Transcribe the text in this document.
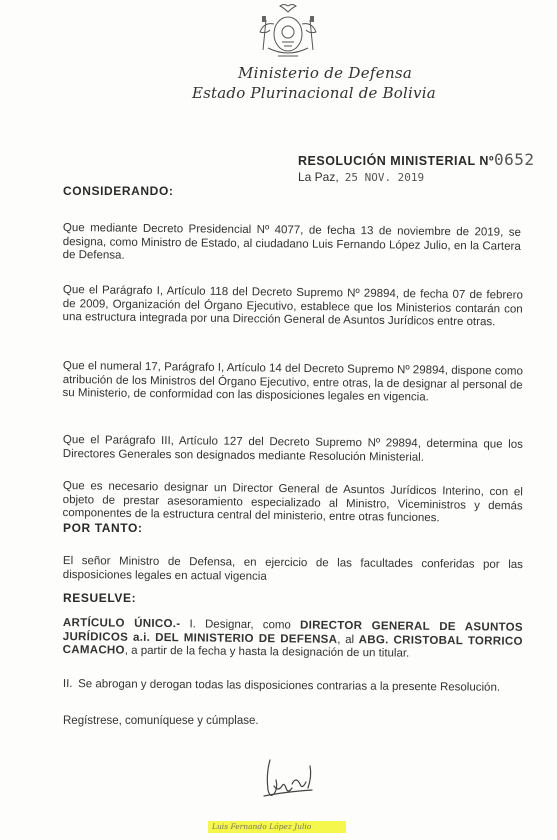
Ministerio de Defensa
Estado Plurinacional de Bolivia
RESOLUCIÓN MINISTERIAL Nº0652
La Paz, 25 NOV. 2019
CONSIDERANDO:

Que mediante Decreto Presidencial Nº 4077, de fecha 13 de noviembre de 2019, se designa, como Ministro de Estado, al ciudadano Luis Fernando López Julio, en la Cartera de Defensa.

Que el Parágrafo I, Artículo 118 del Decreto Supremo Nº 29894, de fecha 07 de febrero de 2009, Organización del Órgano Ejecutivo, establece que los Ministerios contarán con una estructura integrada por una Dirección General de Asuntos Jurídicos entre otras.

Que el numeral 17, Parágrafo I, Artículo 14 del Decreto Supremo Nº 29894, dispone como atribución de los Ministros del Órgano Ejecutivo, entre otras, la de designar al personal de su Ministerio, de conformidad con las disposiciones legales en vigencia.

Que el Parágrafo III, Artículo 127 del Decreto Supremo Nº 29894, determina que los Directores Generales son designados mediante Resolución Ministerial.

Que es necesario designar un Director General de Asuntos Jurídicos Interino, con el objeto de prestar asesoramiento especializado al Ministro, Viceministros y demás componentes de la estructura central del ministerio, entre otras funciones.

POR TANTO:

El señor Ministro de Defensa, en ejercicio de las facultades conferidas por las disposiciones legales en actual vigencia

RESUELVE:

ARTÍCULO ÚNICO.- I. Designar, como DIRECTOR GENERAL DE ASUNTOS JURÍDICOS a.i. DEL MINISTERIO DE DEFENSA, al ABG. CRISTOBAL TORRICO CAMACHO, a partir de la fecha y hasta la designación de un titular.

II. Se abrogan y derogan todas las disposiciones contrarias a la presente Resolución.

Regístrese, comuníquese y cúmplase.

Luis Fernando López Julio
